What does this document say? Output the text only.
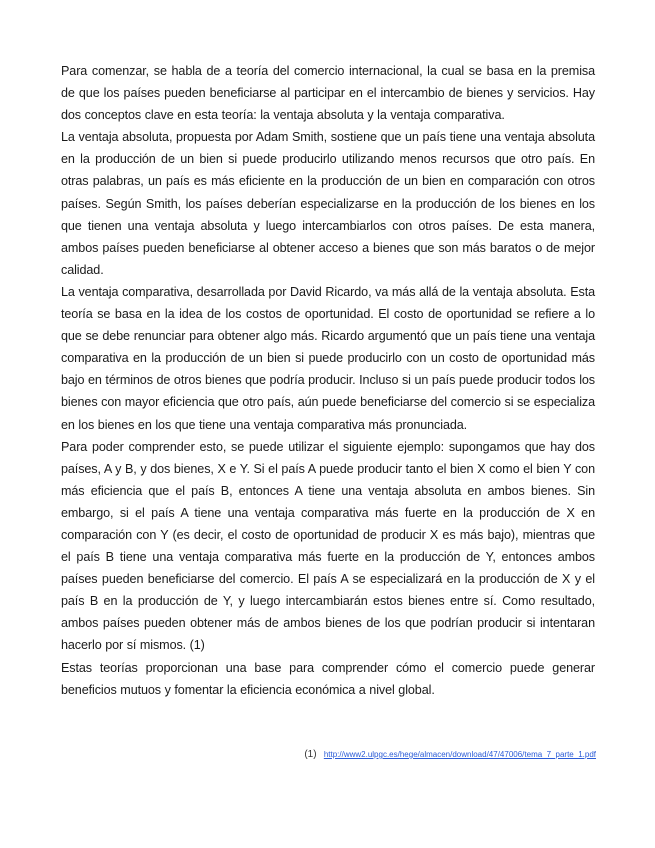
Para comenzar, se habla de a teoría del comercio internacional, la cual se basa en la premisa de que los países pueden beneficiarse al participar en el intercambio de bienes y servicios. Hay dos conceptos clave en esta teoría: la ventaja absoluta y la ventaja comparativa.

La ventaja absoluta, propuesta por Adam Smith, sostiene que un país tiene una ventaja absoluta en la producción de un bien si puede producirlo utilizando menos recursos que otro país. En otras palabras, un país es más eficiente en la producción de un bien en comparación con otros países. Según Smith, los países deberían especializarse en la producción de los bienes en los que tienen una ventaja absoluta y luego intercambiarlos con otros países. De esta manera, ambos países pueden beneficiarse al obtener acceso a bienes que son más baratos o de mejor calidad.

La ventaja comparativa, desarrollada por David Ricardo, va más allá de la ventaja absoluta. Esta teoría se basa en la idea de los costos de oportunidad. El costo de oportunidad se refiere a lo que se debe renunciar para obtener algo más. Ricardo argumentó que un país tiene una ventaja comparativa en la producción de un bien si puede producirlo con un costo de oportunidad más bajo en términos de otros bienes que podría producir. Incluso si un país puede producir todos los bienes con mayor eficiencia que otro país, aún puede beneficiarse del comercio si se especializa en los bienes en los que tiene una ventaja comparativa más pronunciada.

Para poder comprender esto, se puede utilizar el siguiente ejemplo: supongamos que hay dos países, A y B, y dos bienes, X e Y. Si el país A puede producir tanto el bien X como el bien Y con más eficiencia que el país B, entonces A tiene una ventaja absoluta en ambos bienes. Sin embargo, si el país A tiene una ventaja comparativa más fuerte en la producción de X en comparación con Y (es decir, el costo de oportunidad de producir X es más bajo), mientras que el país B tiene una ventaja comparativa más fuerte en la producción de Y, entonces ambos países pueden beneficiarse del comercio. El país A se especializará en la producción de X y el país B en la producción de Y, y luego intercambiarán estos bienes entre sí. Como resultado, ambos países pueden obtener más de ambos bienes de los que podrían producir si intentaran hacerlo por sí mismos. (1)

Estas teorías proporcionan una base para comprender cómo el comercio puede generar beneficios mutuos y fomentar la eficiencia económica a nivel global.

(1) http://www2.ulpgc.es/hege/almacen/download/47/47006/tema_7_parte_1.pdf
